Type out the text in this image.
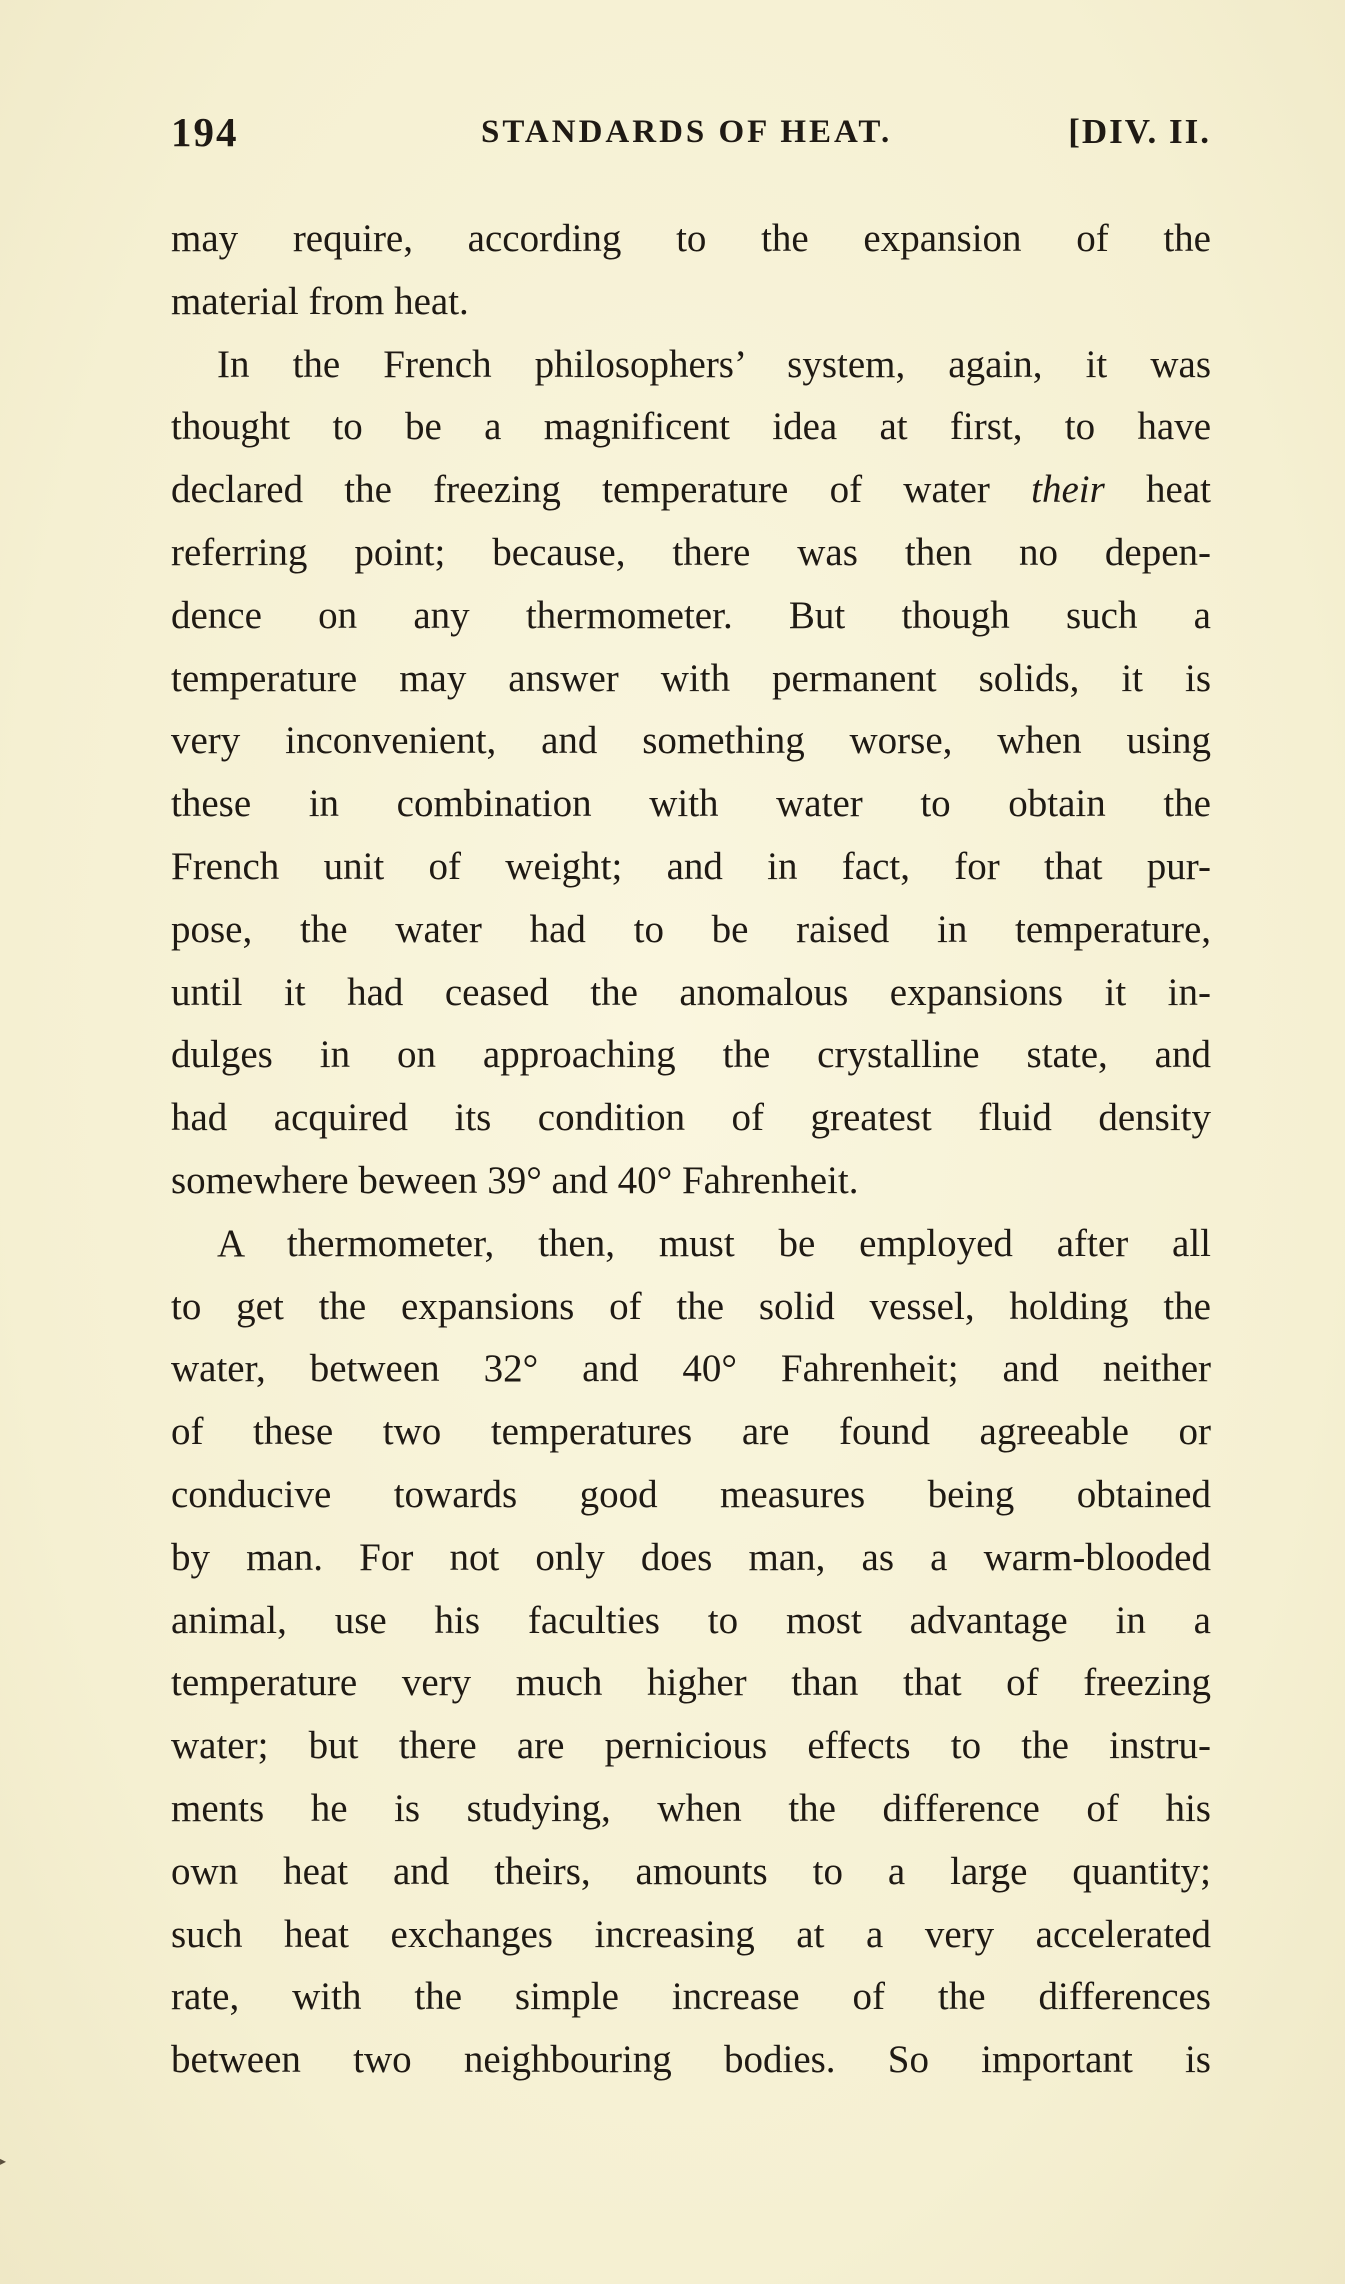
194	STANDARDS OF HEAT.	[DIV. II.
may require, according to the expansion of the
material from heat.
In the French philosophers’ system, again, it was
thought to be a magnificent idea at first, to have
declared the freezing temperature of water their heat
referring point; because, there was then no depen-
dence on any thermometer. But though such a
temperature may answer with permanent solids, it is
very inconvenient, and something worse, when using
these in combination with water to obtain the
French unit of weight; and in fact, for that pur-
pose, the water had to be raised in temperature,
until it had ceased the anomalous expansions it in-
dulges in on approaching the crystalline state, and
had acquired its condition of greatest fluid density
somewhere beween 39° and 40° Fahrenheit.
A thermometer, then, must be employed after all
to get the expansions of the solid vessel, holding the
water, between 32° and 40° Fahrenheit; and neither
of these two temperatures are found agreeable or
conducive towards good measures being obtained
by man. For not only does man, as a warm-blooded
animal, use his faculties to most advantage in a
temperature very much higher than that of freezing
water; but there are pernicious effects to the instru-
ments he is studying, when the difference of his
own heat and theirs, amounts to a large quantity;
such heat exchanges increasing at a very accelerated
rate, with the simple increase of the differences
between two neighbouring bodies. So important is
▸
